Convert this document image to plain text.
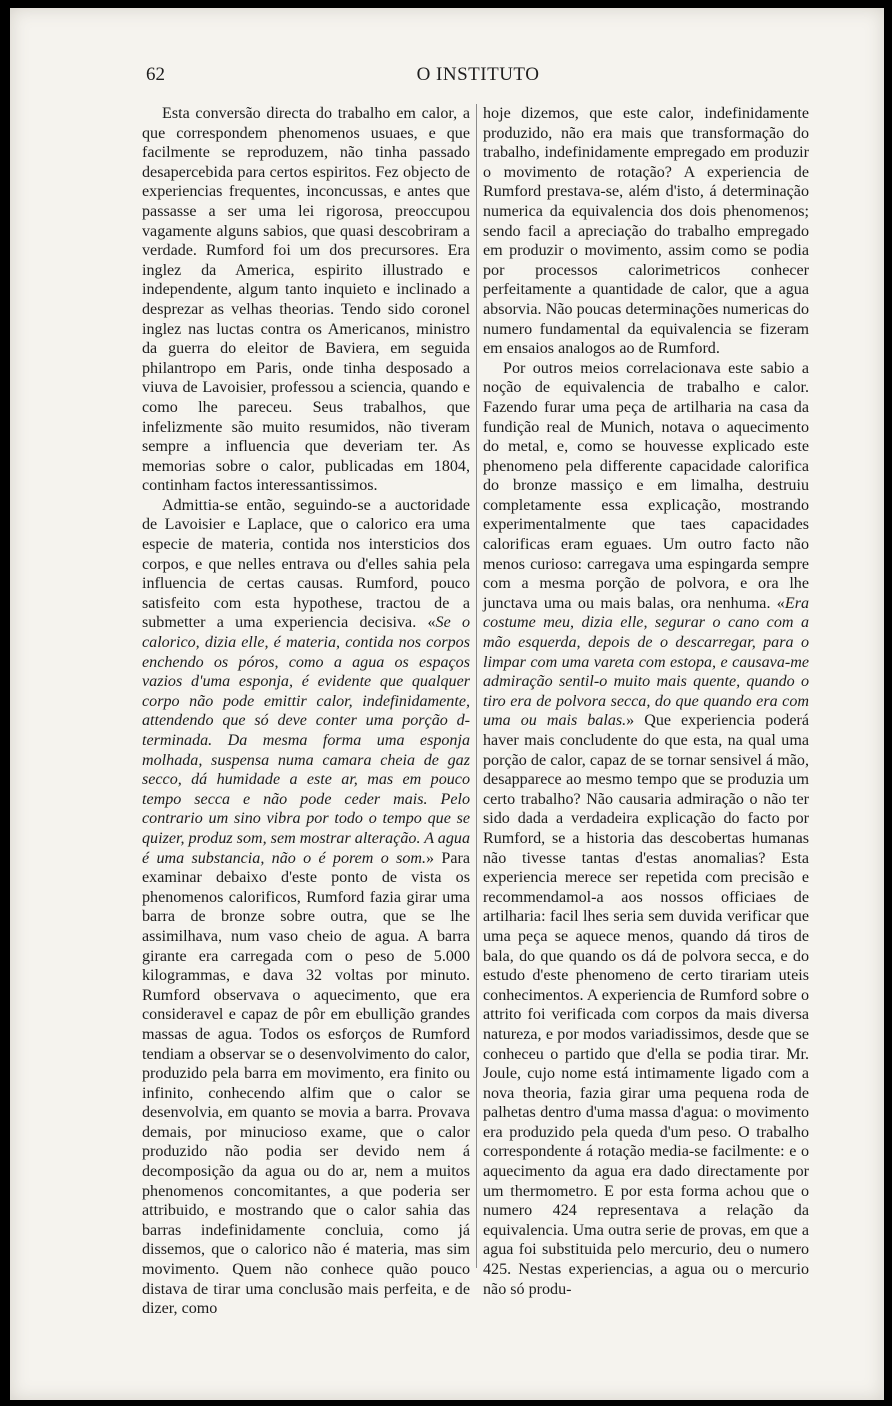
62	O INSTITUTO

Esta conversão directa do trabalho em calor, a que correspondem phenomenos usuaes, e que facilmente se reproduzem, não tinha passado desapercebida para certos espiritos. Fez objecto de experiencias frequentes, inconcussas, e antes que passasse a ser uma lei rigorosa, preoccupou vagamente alguns sabios, que quasi descobriram a verdade. Rumford foi um dos precursores. Era inglez da America, espirito illustrado e independente, algum tanto inquieto e inclinado a desprezar as velhas theorias. Tendo sido coronel inglez nas luctas contra os Americanos, ministro da guerra do eleitor de Baviera, em seguida philantropo em Paris, onde tinha desposado a viuva de Lavoisier, professou a sciencia, quando e como lhe pareceu. Seus trabalhos, que infelizmente são muito resumidos, não tiveram sempre a influencia que deveriam ter. As memorias sobre o calor, publicadas em 1804, continham factos interessantissimos.

Admittia-se então, seguindo-se a auctoridade de Lavoisier e Laplace, que o calorico era uma especie de materia, contida nos intersticios dos corpos, e que nelles entrava ou d'elles sahia pela influencia de certas causas. Rumford, pouco satisfeito com esta hypothese, tractou de a submetter a uma experiencia decisiva. «Se o calorico, dizia elle, é materia, contida nos corpos enchendo os póros, como a agua os espaços vazios d'uma esponja, é evidente que qualquer corpo não pode emittir calor, indefinidamente, attendendo que só deve conter uma porção d-terminada. Da mesma forma uma esponja molhada, suspensa numa camara cheia de gaz secco, dá humidade a este ar, mas em pouco tempo secca e não pode ceder mais. Pelo contrario um sino vibra por todo o tempo que se quizer, produz som, sem mostrar alteração. A agua é uma substancia, não o é porem o som.» Para examinar debaixo d'este ponto de vista os phenomenos calorificos, Rumford fazia girar uma barra de bronze sobre outra, que se lhe assimilhava, num vaso cheio de agua. A barra girante era carregada com o peso de 5.000 kilogrammas, e dava 32 voltas por minuto. Rumford observava o aquecimento, que era consideravel e capaz de pôr em ebullição grandes massas de agua. Todos os esforços de Rumford tendiam a observar se o desenvolvimento do calor, produzido pela barra em movimento, era finito ou infinito, conhecendo alfim que o calor se desenvolvia, em quanto se movia a barra. Provava demais, por minucioso exame, que o calor produzido não podia ser devido nem á decomposição da agua ou do ar, nem a muitos phenomenos concomitantes, a que poderia ser attribuido, e mostrando que o calor sahia das barras indefinidamente concluia, como já dissemos, que o calorico não é materia, mas sim movimento. Quem não conhece quão pouco distava de tirar uma conclusão mais perfeita, e de dizer, como

hoje dizemos, que este calor, indefinidamente produzido, não era mais que transformação do trabalho, indefinidamente empregado em produzir o movimento de rotação? A experiencia de Rumford prestava-se, além d'isto, á determinação numerica da equivalencia dos dois phenomenos; sendo facil a apreciação do trabalho empregado em produzir o movimento, assim como se podia por processos calorimetricos conhecer perfeitamente a quantidade de calor, que a agua absorvia. Não poucas determinações numericas do numero fundamental da equivalencia se fizeram em ensaios analogos ao de Rumford.

Por outros meios correlacionava este sabio a noção de equivalencia de trabalho e calor. Fazendo furar uma peça de artilharia na casa da fundição real de Munich, notava o aquecimento do metal, e, como se houvesse explicado este phenomeno pela differente capacidade calorifica do bronze massiço e em limalha, destruiu completamente essa explicação, mostrando experimentalmente que taes capacidades calorificas eram eguaes. Um outro facto não menos curioso: carregava uma espingarda sempre com a mesma porção de polvora, e ora lhe junctava uma ou mais balas, ora nenhuma. «Era costume meu, dizia elle, segurar o cano com a mão esquerda, depois de o descarregar, para o limpar com uma vareta com estopa, e causava-me admiração sentil-o muito mais quente, quando o tiro era de polvora secca, do que quando era com uma ou mais balas.» Que experiencia poderá haver mais concludente do que esta, na qual uma porção de calor, capaz de se tornar sensivel á mão, desapparece ao mesmo tempo que se produzia um certo trabalho? Não causaria admiração o não ter sido dada a verdadeira explicação do facto por Rumford, se a historia das descobertas humanas não tivesse tantas d'estas anomalias? Esta experiencia merece ser repetida com precisão e recommendamol-a aos nossos officiaes de artilharia: facil lhes seria sem duvida verificar que uma peça se aquece menos, quando dá tiros de bala, do que quando os dá de polvora secca, e do estudo d'este phenomeno de certo tirariam uteis conhecimentos. A experiencia de Rumford sobre o attrito foi verificada com corpos da mais diversa natureza, e por modos variadissimos, desde que se conheceu o partido que d'ella se podia tirar. Mr. Joule, cujo nome está intimamente ligado com a nova theoria, fazia girar uma pequena roda de palhetas dentro d'uma massa d'agua: o movimento era produzido pela queda d'um peso. O trabalho correspondente á rotação media-se facilmente: e o aquecimento da agua era dado directamente por um thermometro. E por esta forma achou que o numero 424 representava a relação da equivalencia. Uma outra serie de provas, em que a agua foi substituida pelo mercurio, deu o numero 425. Nestas experiencias, a agua ou o mercurio não só produ-
